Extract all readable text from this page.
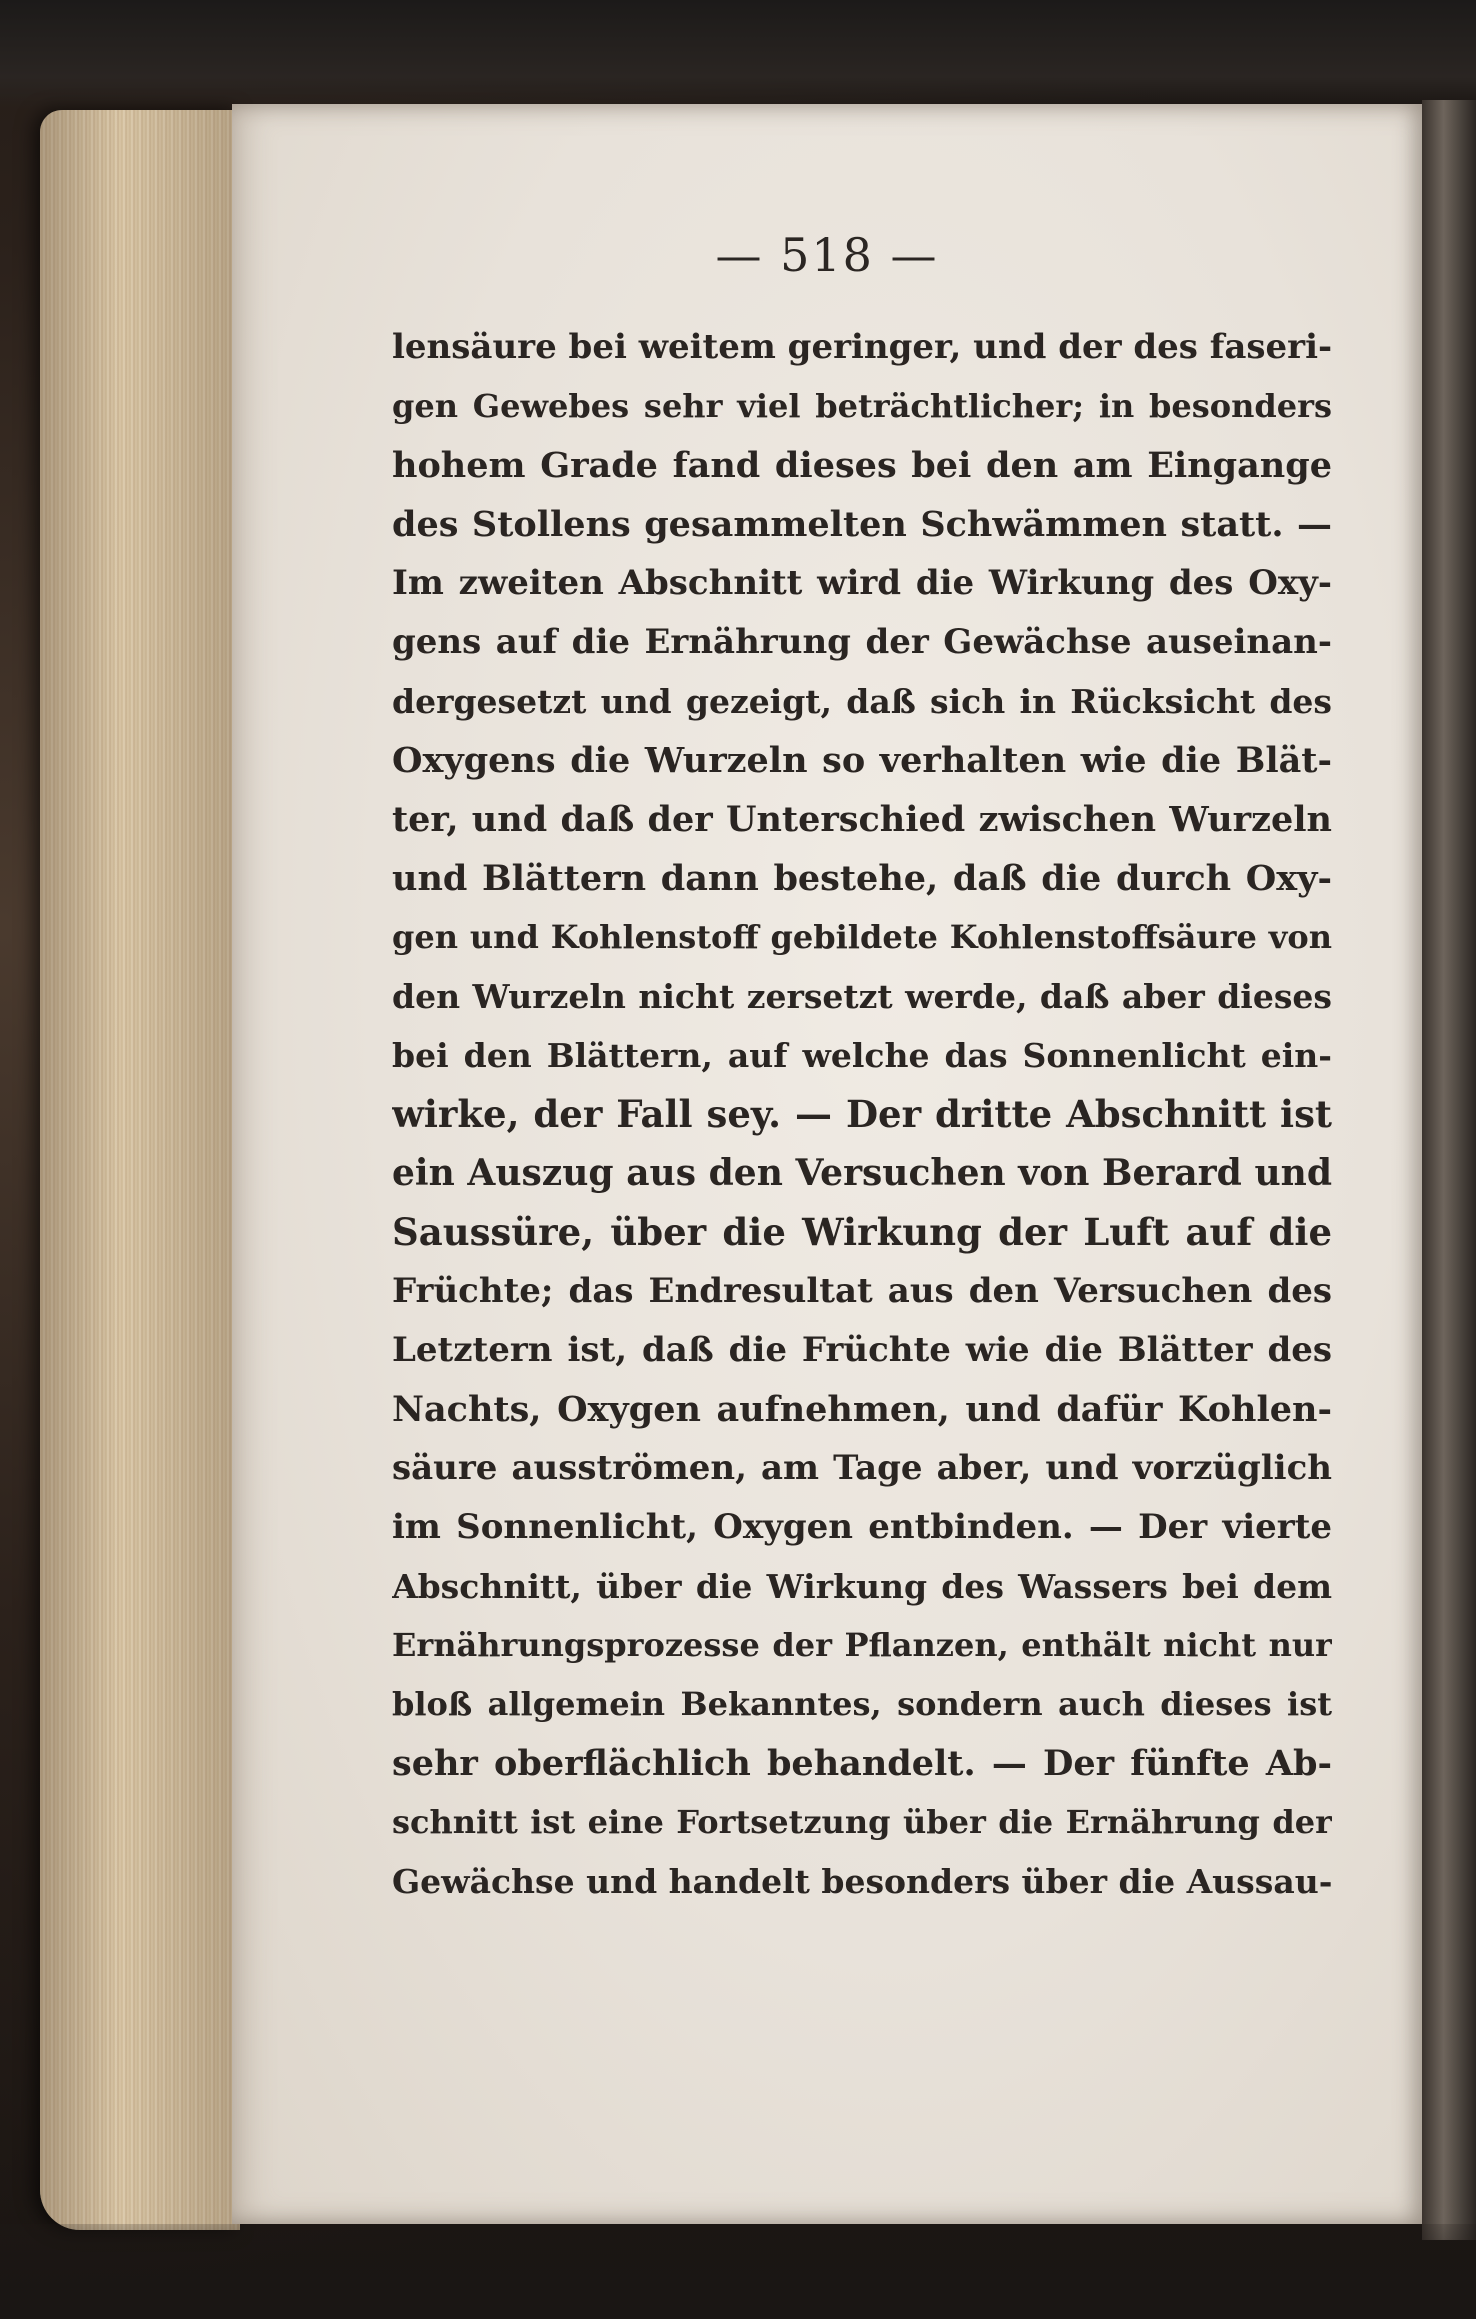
— 518 —
lensäure bei weitem geringer, und der des faseri-
gen Gewebes sehr viel beträchtlicher; in besonders
hohem Grade fand dieses bei den am Eingange
des Stollens gesammelten Schwämmen statt. —
Im zweiten Abschnitt wird die Wirkung des Oxy-
gens auf die Ernährung der Gewächse auseinan-
dergesetzt und gezeigt, daß sich in Rücksicht des
Oxygens die Wurzeln so verhalten wie die Blät-
ter, und daß der Unterschied zwischen Wurzeln
und Blättern dann bestehe, daß die durch Oxy-
gen und Kohlenstoff gebildete Kohlenstoffsäure von
den Wurzeln nicht zersetzt werde, daß aber dieses
bei den Blättern, auf welche das Sonnenlicht ein-
wirke, der Fall sey. — Der dritte Abschnitt ist
ein Auszug aus den Versuchen von Berard und
Saussüre, über die Wirkung der Luft auf die
Früchte; das Endresultat aus den Versuchen des
Letztern ist, daß die Früchte wie die Blätter des
Nachts, Oxygen aufnehmen, und dafür Kohlen-
säure ausströmen, am Tage aber, und vorzüglich
im Sonnenlicht, Oxygen entbinden. — Der vierte
Abschnitt, über die Wirkung des Wassers bei dem
Ernährungsprozesse der Pflanzen, enthält nicht nur
bloß allgemein Bekanntes, sondern auch dieses ist
sehr oberflächlich behandelt. — Der fünfte Ab-
schnitt ist eine Fortsetzung über die Ernährung der
Gewächse und handelt besonders über die Aussau-
